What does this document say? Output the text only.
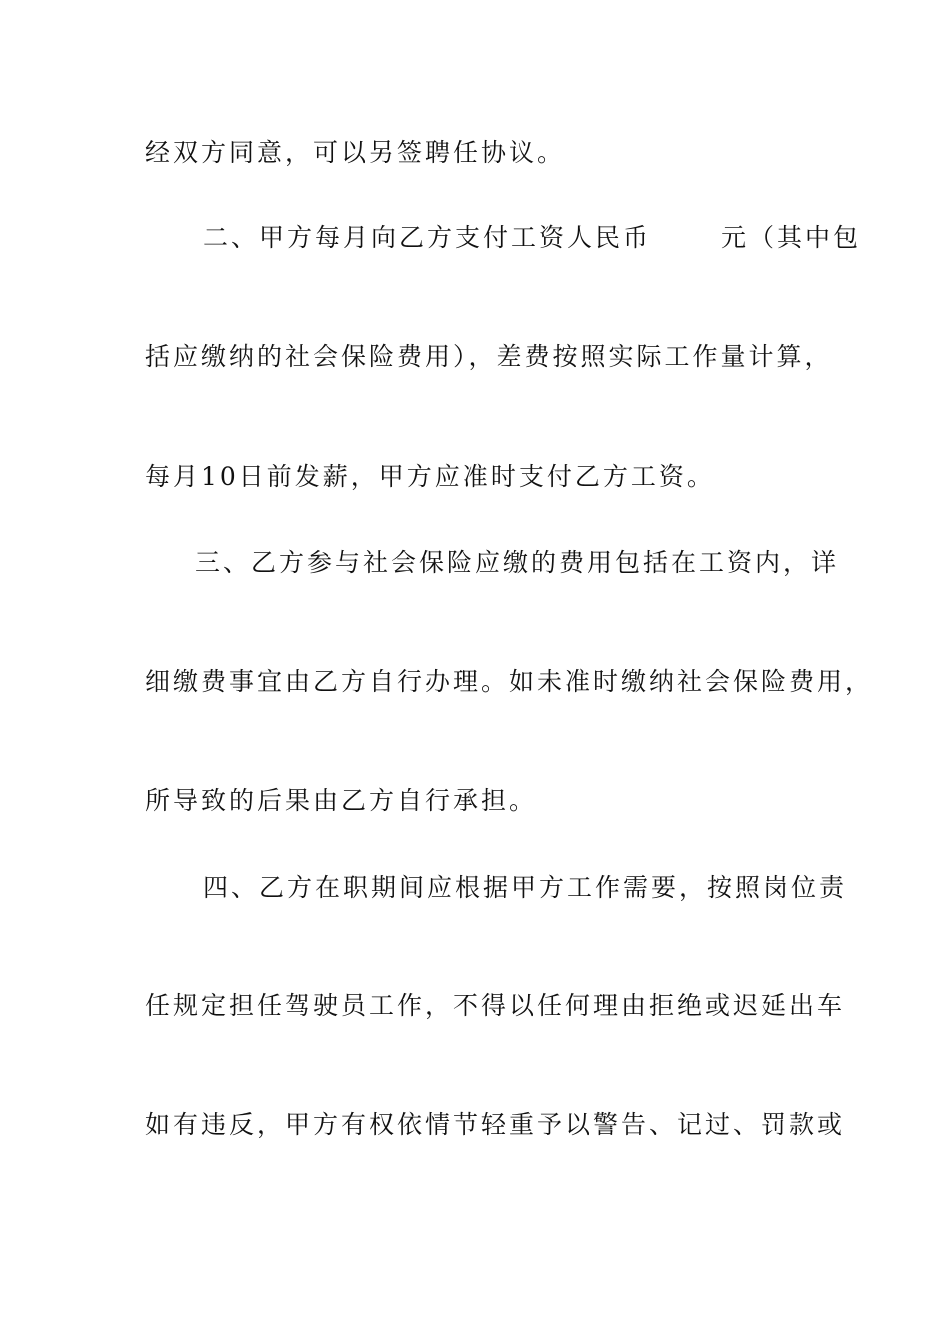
经双方同意，可以另签聘任协议。
二、甲方每月向乙方支付工资人民币	元（其中包
括应缴纳的社会保险费用），差费按照实际工作量计算，
每月10日前发薪，甲方应准时支付乙方工资。
三、乙方参与社会保险应缴的费用包括在工资内，详
细缴费事宜由乙方自行办理。如未准时缴纳社会保险费用，
所导致的后果由乙方自行承担。
四、乙方在职期间应根据甲方工作需要，按照岗位责
任规定担任驾驶员工作，不得以任何理由拒绝或迟延出车
如有违反，甲方有权依情节轻重予以警告、记过、罚款或
